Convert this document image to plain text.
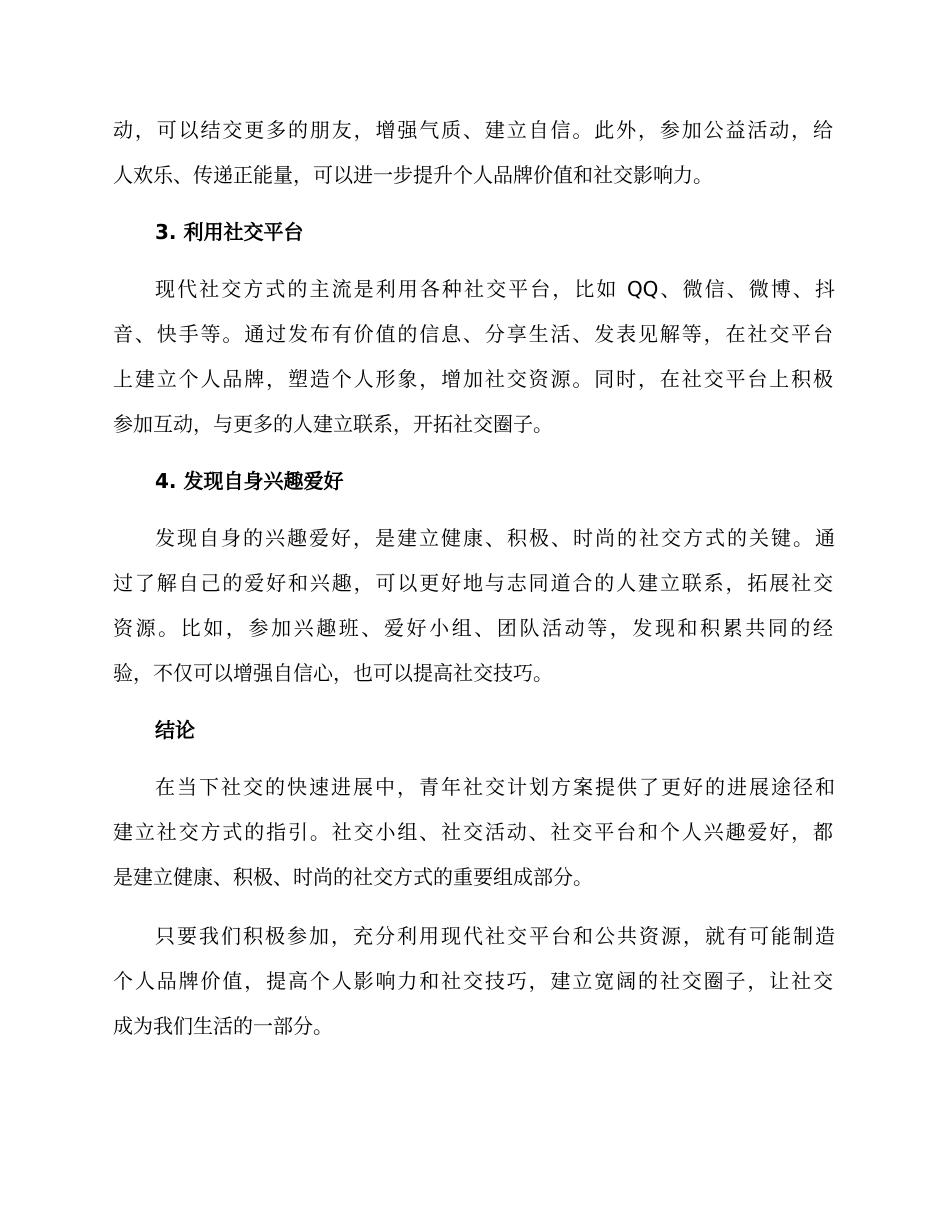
动，可以结交更多的朋友，增强气质、建立自信。此外，参加公益活动，给
人欢乐、传递正能量，可以进一步提升个人品牌价值和社交影响力。
3. 利用社交平台
现代社交方式的主流是利用各种社交平台，比如 QQ、微信、微博、抖
音、快手等。通过发布有价值的信息、分享生活、发表见解等，在社交平台
上建立个人品牌，塑造个人形象，增加社交资源。同时，在社交平台上积极
参加互动，与更多的人建立联系，开拓社交圈子。
4. 发现自身兴趣爱好
发现自身的兴趣爱好，是建立健康、积极、时尚的社交方式的关键。通
过了解自己的爱好和兴趣，可以更好地与志同道合的人建立联系，拓展社交
资源。比如，参加兴趣班、爱好小组、团队活动等，发现和积累共同的经
验，不仅可以增强自信心，也可以提高社交技巧。
结论
在当下社交的快速进展中，青年社交计划方案提供了更好的进展途径和
建立社交方式的指引。社交小组、社交活动、社交平台和个人兴趣爱好，都
是建立健康、积极、时尚的社交方式的重要组成部分。
只要我们积极参加，充分利用现代社交平台和公共资源，就有可能制造
个人品牌价值，提高个人影响力和社交技巧，建立宽阔的社交圈子，让社交
成为我们生活的一部分。
